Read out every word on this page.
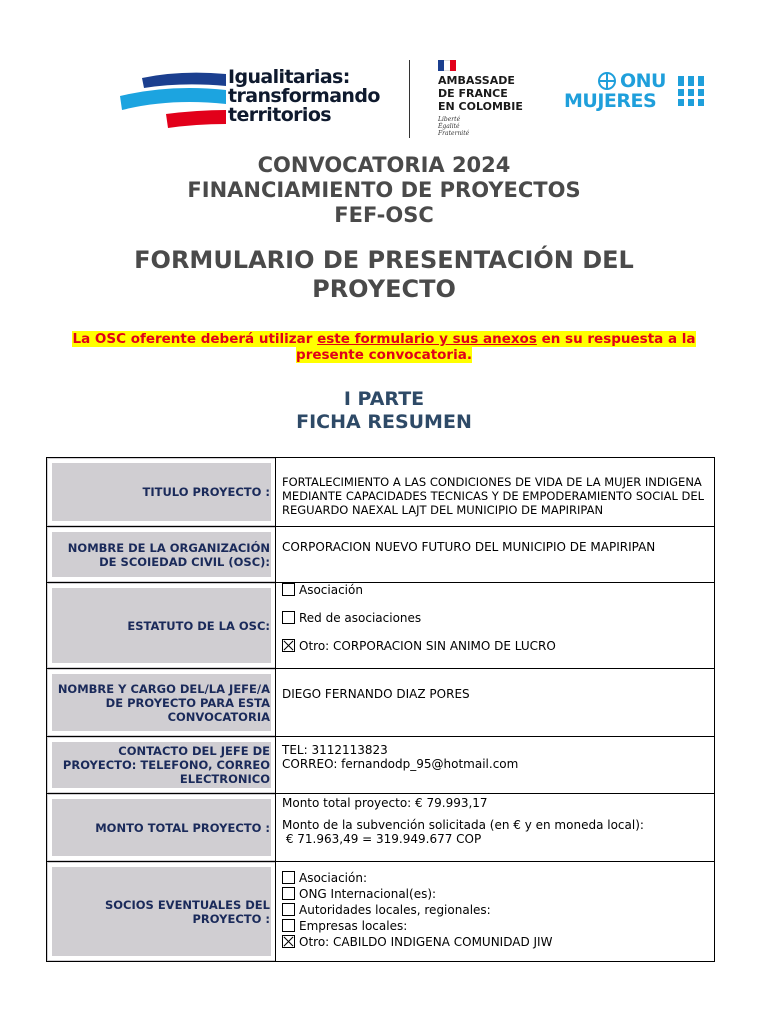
Igualitarias:
transformando
territorios
AMBASSADE
DE FRANCE
EN COLOMBIE
Liberté
Égalité
Fraternité
ONU
MUJERES
CONVOCATORIA 2024
FINANCIAMIENTO DE PROYECTOS
FEF-OSC
FORMULARIO DE PRESENTACIÓN DEL
PROYECTO
La OSC oferente deberá utilizar este formulario y sus anexos en su respuesta a la
presente convocatoria.
I PARTE
FICHA RESUMEN
TITULO PROYECTO :
FORTALECIMIENTO A LAS CONDICIONES DE VIDA DE LA MUJER INDIGENA MEDIANTE CAPACIDADES TECNICAS Y DE EMPODERAMIENTO SOCIAL DEL REGUARDO NAEXAL LAJT DEL MUNICIPIO DE MAPIRIPAN
NOMBRE DE LA ORGANIZACIÓN DE SCOIEDAD CIVIL (OSC):
CORPORACION NUEVO FUTURO DEL MUNICIPIO DE MAPIRIPAN
ESTATUTO DE LA OSC:
Asociación
Red de asociaciones
Otro: CORPORACION SIN ANIMO DE LUCRO
NOMBRE Y CARGO DEL/LA JEFE/A DE PROYECTO PARA ESTA CONVOCATORIA
DIEGO FERNANDO DIAZ PORES
CONTACTO DEL JEFE DE PROYECTO: TELEFONO, CORREO ELECTRONICO
TEL: 3112113823
CORREO: fernandodp_95@hotmail.com
MONTO TOTAL PROYECTO :
Monto total proyecto: € 79.993,17
Monto de la subvención solicitada (en € y en moneda local):
€ 71.963,49 = 319.949.677 COP
SOCIOS EVENTUALES DEL PROYECTO :
Asociación:
ONG Internacional(es):
Autoridades locales, regionales:
Empresas locales:
Otro: CABILDO INDIGENA COMUNIDAD JIW
